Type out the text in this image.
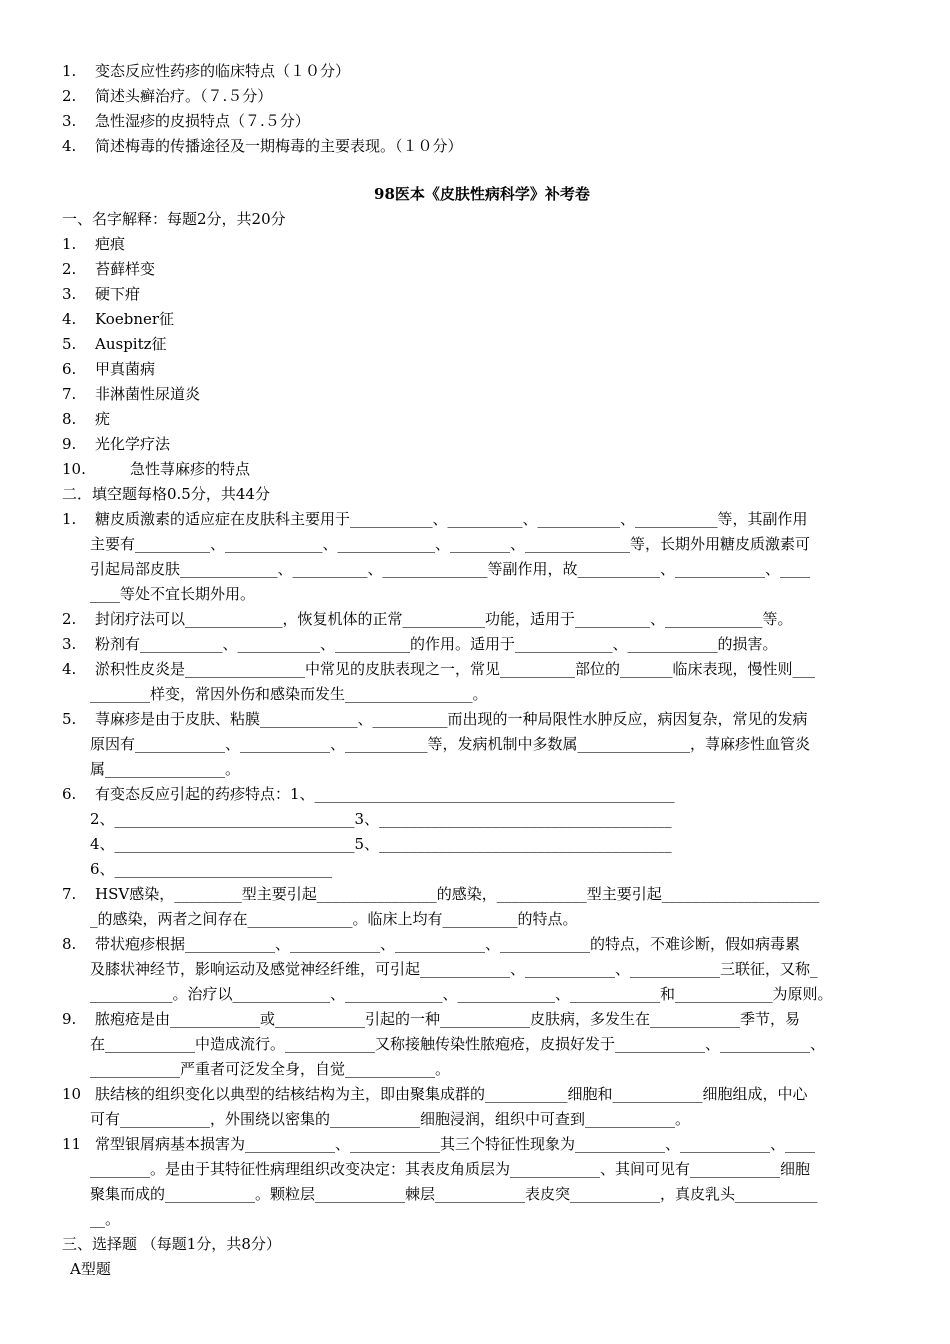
1. 变态反应性药疹的临床特点（１０分）
2. 简述头癣治疗。（７.５分）
3. 急性湿疹的皮损特点（７.５分）
4. 简述梅毒的传播途径及一期梅毒的主要表现。（１０分）
98医本《皮肤性病科学》补考卷
一、名字解释：每题2分，共20分
1. 疤痕
2. 苔藓样变
3. 硬下疳
4. Koebner征
5. Auspitz征
6. 甲真菌病
7. 非淋菌性尿道炎
8. 疣
9. 光化学疗法
10.	急性荨麻疹的特点
二．填空题每格0.5分，共44分
1. 糖皮质激素的适应症在皮肤科主要用于___________、__________、___________、___________等，其副作用
主要有__________、_____________、_____________、________、______________等，长期外用糖皮质激素可
引起局部皮肤_____________、__________、______________等副作用，故___________、____________、____
____等处不宜长期外用。
2. 封闭疗法可以_____________，恢复机体的正常___________功能，适用于__________、_____________等。
3. 粉剂有___________、___________、__________的作用。适用于_____________、____________的损害。
4. 淤积性皮炎是________________中常见的皮肤表现之一，常见__________部位的_______临床表现，慢性则___
________样变，常因外伤和感染而发生_________________。
5. 荨麻疹是由于皮肤、粘膜_____________、__________而出现的一种局限性水肿反应，病因复杂，常见的发病
原因有____________、____________、___________等，发病机制中多数属_______________，荨麻疹性血管炎
属________________。
6. 有变态反应引起的药疹特点：1、________________________________________________
2、________________________________3、_______________________________________
4、________________________________5、_______________________________________
6、_____________________________
7. HSV感染，_________型主要引起________________的感染，____________型主要引起_____________________
_的感染，两者之间存在______________。临床上均有__________的特点。
8. 带状疱疹根据____________、____________、____________、____________的特点，不难诊断，假如病毒累
及膝状神经节，影响运动及感觉神经纤维，可引起____________、____________、____________三联征，又称_
___________。治疗以_____________、_____________、_____________、____________和_____________为原则。
9. 脓疱疮是由____________或____________引起的一种____________皮肤病，多发生在____________季节，易
在____________中造成流行。____________又称接触传染性脓疱疮，皮损好发于____________、____________、
____________严重者可泛发全身，自觉____________。
10 肤结核的组织变化以典型的结核结构为主，即由聚集成群的___________细胞和____________细胞组成，中心
可有____________，外围绕以密集的____________细胞浸润，组织中可查到____________。
11 常型银屑病基本损害为____________、____________其三个特征性现象为____________、____________、____
________。是由于其特征性病理组织改变决定：其表皮角质层为____________、其间可见有____________细胞
聚集而成的____________。颗粒层____________棘层____________表皮突____________，真皮乳头___________
__。
三、选择题 （每题1分，共8分）
A型题
